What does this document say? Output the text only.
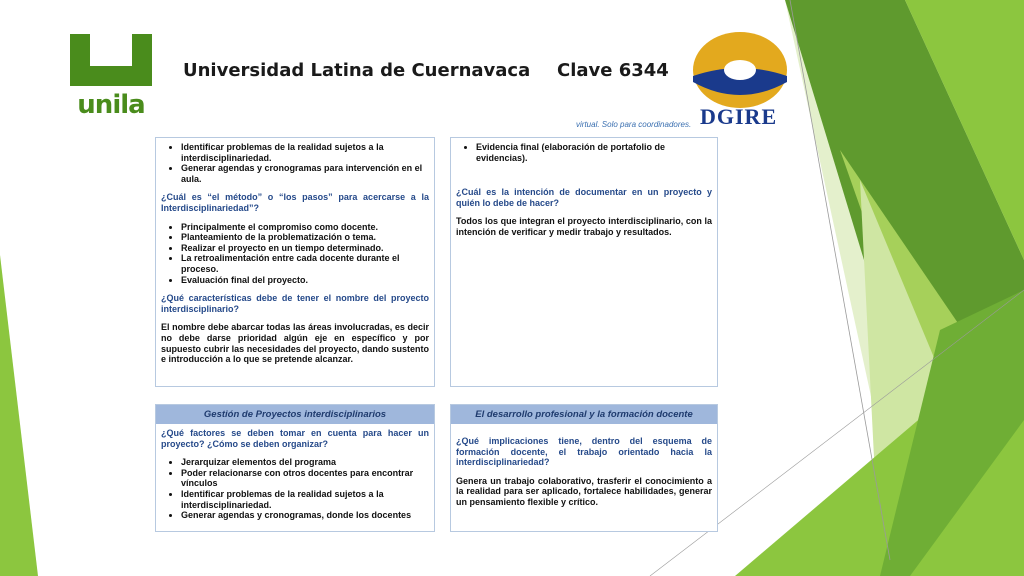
unila
Universidad Latina de Cuernavaca Clave 6344
DGIRE
virtual. Solo para coordinadores.
• Identificar problemas de la realidad sujetos a la interdisciplinariedad.
• Generar agendas y cronogramas para intervención en el aula.
¿Cuál es “el método” o “los pasos” para acercarse a la Interdisciplinariedad”?
• Principalmente el compromiso como docente.
• Planteamiento de la problematización o tema.
• Realizar el proyecto en un tiempo determinado.
• La retroalimentación entre cada docente durante el proceso.
• Evaluación final del proyecto.
¿Qué características debe de tener el nombre del proyecto interdisciplinario?
El nombre debe abarcar todas las áreas involucradas, es decir no debe darse prioridad algún eje en específico y por supuesto cubrir las necesidades del proyecto, dando sustento e introducción a lo que se pretende alcanzar.
• Evidencia final (elaboración de portafolio de evidencias).
¿Cuál es la intención de documentar en un proyecto y quién lo debe de hacer?
Todos los que integran el proyecto interdisciplinario, con la intención de verificar y medir trabajo y resultados.
Gestión de Proyectos interdisciplinarios
¿Qué factores se deben tomar en cuenta para hacer un proyecto? ¿Cómo se deben organizar?
• Jerarquizar elementos del programa
• Poder relacionarse con otros docentes para encontrar vínculos
• Identificar problemas de la realidad sujetos a la interdisciplinariedad.
• Generar agendas y cronogramas, donde los docentes
El desarrollo profesional y la formación docente
¿Qué implicaciones tiene, dentro del esquema de formación docente, el trabajo orientado hacia la interdisciplinariedad?
Genera un trabajo colaborativo, trasferir el conocimiento a la realidad para ser aplicado, fortalece habilidades, generar un pensamiento flexible y crítico.
